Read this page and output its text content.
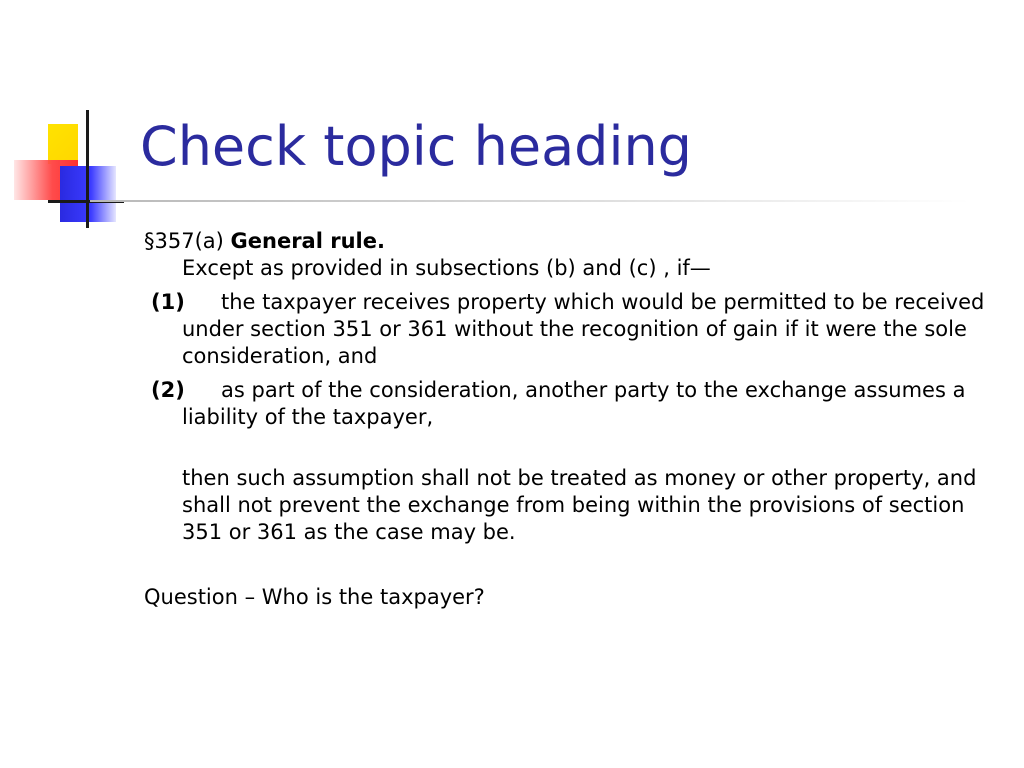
Check topic heading

§357(a) General rule.

Except as provided in subsections (b) and (c) , if—

(1) the taxpayer receives property which would be permitted to be received under section 351 or 361 without the recognition of gain if it were the sole consideration, and

(2) as part of the consideration, another party to the exchange assumes a liability of the taxpayer,

then such assumption shall not be treated as money or other property, and shall not prevent the exchange from being within the provisions of section 351 or 361 as the case may be.

Question – Who is the taxpayer?
